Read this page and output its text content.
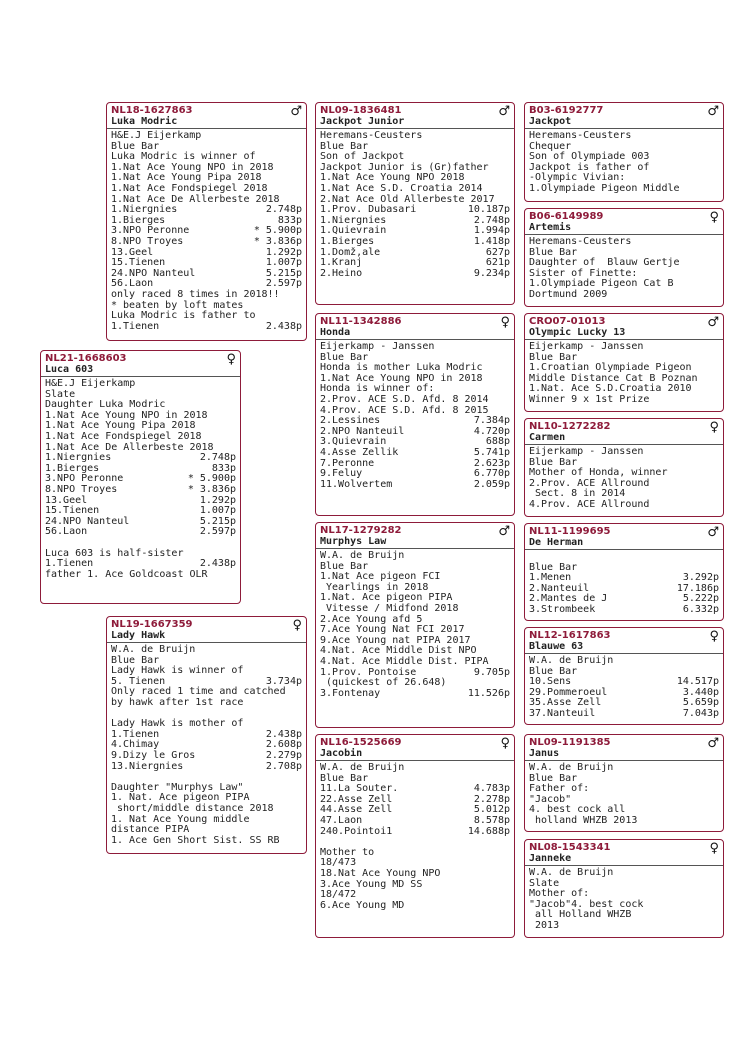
NL18-1627863
Luka Modric
♂
H&E.J Eijerkamp
Blue Bar
Luka Modric is winner of
1.Nat Ace Young NPO in 2018
1.Nat Ace Young Pipa 2018
1.Nat Ace Fondspiegel 2018
1.Nat Ace De Allerbeste 2018
1.Niergnies	2.748p
1.Bierges	833p
3.NPO Peronne	* 5.900p
8.NPO Troyes	* 3.836p
13.Geel	1.292p
15.Tienen	1.007p
24.NPO Nanteul	5.215p
56.Laon	2.597p
only raced 8 times in 2018!!
* beaten by loft mates
Luka Modric is father to
1.Tienen	2.438p
NL21-1668603
Luca 603
♀
H&E.J Eijerkamp
Slate
Daughter Luka Modric
1.Nat Ace Young NPO in 2018
1.Nat Ace Young Pipa 2018
1.Nat Ace Fondspiegel 2018
1.Nat Ace De Allerbeste 2018
1.Niergnies	2.748p
1.Bierges	833p
3.NPO Peronne	* 5.900p
8.NPO Troyes	* 3.836p
13.Geel	1.292p
15.Tienen	1.007p
24.NPO Nanteul	5.215p
56.Laon	2.597p

Luca 603 is half-sister
1.Tienen	2.438p
father 1. Ace Goldcoast OLR
NL19-1667359
Lady Hawk
♀
W.A. de Bruijn
Blue Bar
Lady Hawk is winner of
5. Tienen	3.734p
Only raced 1 time and catched
by hawk after 1st race

Lady Hawk is mother of
1.Tienen	2.438p
4.Chimay	2.608p
9.Dizy le Gros	2.279p
13.Niergnies	2.708p

Daughter "Murphys Law"
1. Nat. Ace pigeon PIPA
short/middle distance 2018
1. Nat Ace Young middle
distance PIPA
1. Ace Gen Short Sist. SS RB
NL09-1836481
Jackpot Junior
♂
Heremans-Ceusters
Blue Bar
Son of Jackpot
Jackpot Junior is (Gr)father
1.Nat Ace Young NPO 2018
1.Nat Ace S.D. Croatia 2014
2.Nat Ace Old Allerbeste 2017
1.Prov. Dubasari	10.187p
1.Niergnies	2.748p
1.Quievrain	1.994p
1.Bierges	1.418p
1.Domž,ale	627p
1.Kranj	621p
2.Heino	9.234p
NL11-1342886
Honda
♀
Eijerkamp - Janssen
Blue Bar
Honda is mother Luka Modric
1.Nat Ace Young NPO in 2018
Honda is winner of:
2.Prov. ACE S.D. Afd. 8 2014
4.Prov. ACE S.D. Afd. 8 2015
2.Lessines	7.384p
2.NPO Nanteuil	4.720p
3.Quievrain	688p
4.Asse Zellik	5.741p
7.Peronne	2.623p
9.Feluy	6.770p
11.Wolvertem	2.059p
NL17-1279282
Murphys Law
♂
W.A. de Bruijn
Blue Bar
1.Nat Ace pigeon FCI
Yearlings in 2018
1.Nat. Ace pigeon PIPA
Vitesse / Midfond 2018
2.Ace Young afd 5
7.Ace Young Nat FCI 2017
9.Ace Young nat PIPA 2017
4.Nat. Ace Middle Dist NPO
4.Nat. Ace Middle Dist. PIPA
1.Prov. Pontoise	9.705p
(quickest of 26.648)
3.Fontenay	11.526p
NL16-1525669
Jacobin
♀
W.A. de Bruijn
Blue Bar
11.La Souter.	4.783p
22.Asse Zell	2.278p
44.Asse Zell	5.012p
47.Laon	8.578p
240.Pointoi1	14.688p

Mother to
18/473
18.Nat Ace Young NPO
3.Ace Young MD SS
18/472
6.Ace Young MD
B03-6192777
Jackpot
♂
Heremans-Ceusters
Chequer
Son of Olympiade 003
Jackpot is father of
-Olympic Vivian:
1.Olympiade Pigeon Middle
B06-6149989
Artemis
♀
Heremans-Ceusters
Blue Bar
Daughter of  Blauw Gertje
Sister of Finette:
1.Olympiade Pigeon Cat B
Dortmund 2009
CRO07-01013
Olympic Lucky 13
♂
Eijerkamp - Janssen
Blue Bar
1.Croatian Olympiade Pigeon
Middle Distance Cat B Poznan
1.Nat. Ace S.D.Croatia 2010
Winner 9 x 1st Prize
NL10-1272282
Carmen
♀
Eijerkamp - Janssen
Blue Bar
Mother of Honda, winner
2.Prov. ACE Allround
Sect. 8 in 2014
4.Prov. ACE Allround
NL11-1199695
De Herman
♂

Blue Bar
1.Menen	3.292p
2.Nanteuil	17.186p
2.Mantes de J	5.222p
3.Strombeek	6.332p
NL12-1617863
Blauwe 63
♀
W.A. de Bruijn
Blue Bar
10.Sens	14.517p
29.Pommeroeul	3.440p
35.Asse Zell	5.659p
37.Nanteuil	7.043p
NL09-1191385
Janus
♂
W.A. de Bruijn
Blue Bar
Father of:
"Jacob"
4. best cock all
holland WHZB 2013
NL08-1543341
Janneke
♀
W.A. de Bruijn
Slate
Mother of:
"Jacob"4. best cock
all Holland WHZB
2013
